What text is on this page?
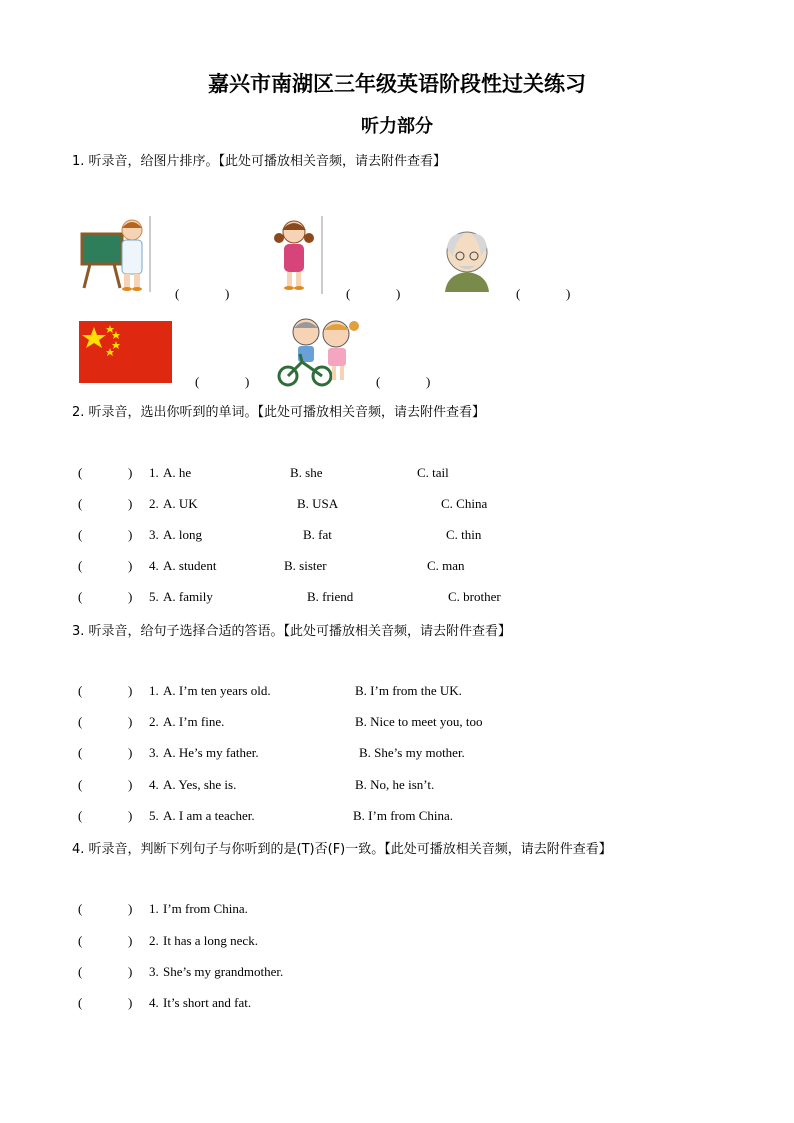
嘉兴市南湖区三年级英语阶段性过关练习
听力部分
1. 听录音，给图片排序。【此处可播放相关音频，请去附件查看】
(	)	(	)	(	)
(	)	(	)
2. 听录音，选出你听到的单词。【此处可播放相关音频，请去附件查看】
(	) 1. A. he	B. she	C. tail
(	) 2. A. UK	B. USA	C. China
(	) 3. A. long	B. fat	C. thin
(	) 4. A. student	B. sister	C. man
(	) 5. A. family	B. friend	C. brother
3. 听录音，给句子选择合适的答语。【此处可播放相关音频，请去附件查看】
(	) 1. A. I’m ten years old.	B. I’m from the UK.
(	) 2. A. I’m fine.	B. Nice to meet you, too
(	) 3. A. He’s my father.	B. She’s my mother.
(	) 4. A. Yes, she is.	B. No, he isn’t.
(	) 5. A. I am a teacher.	B. I’m from China.
4. 听录音，判断下列句子与你听到的是(T)否(F)一致。【此处可播放相关音频，请去附件查看】
(	) 1. I’m from China.
(	) 2. It has a long neck.
(	) 3. She’s my grandmother.
(	) 4. It’s short and fat.
